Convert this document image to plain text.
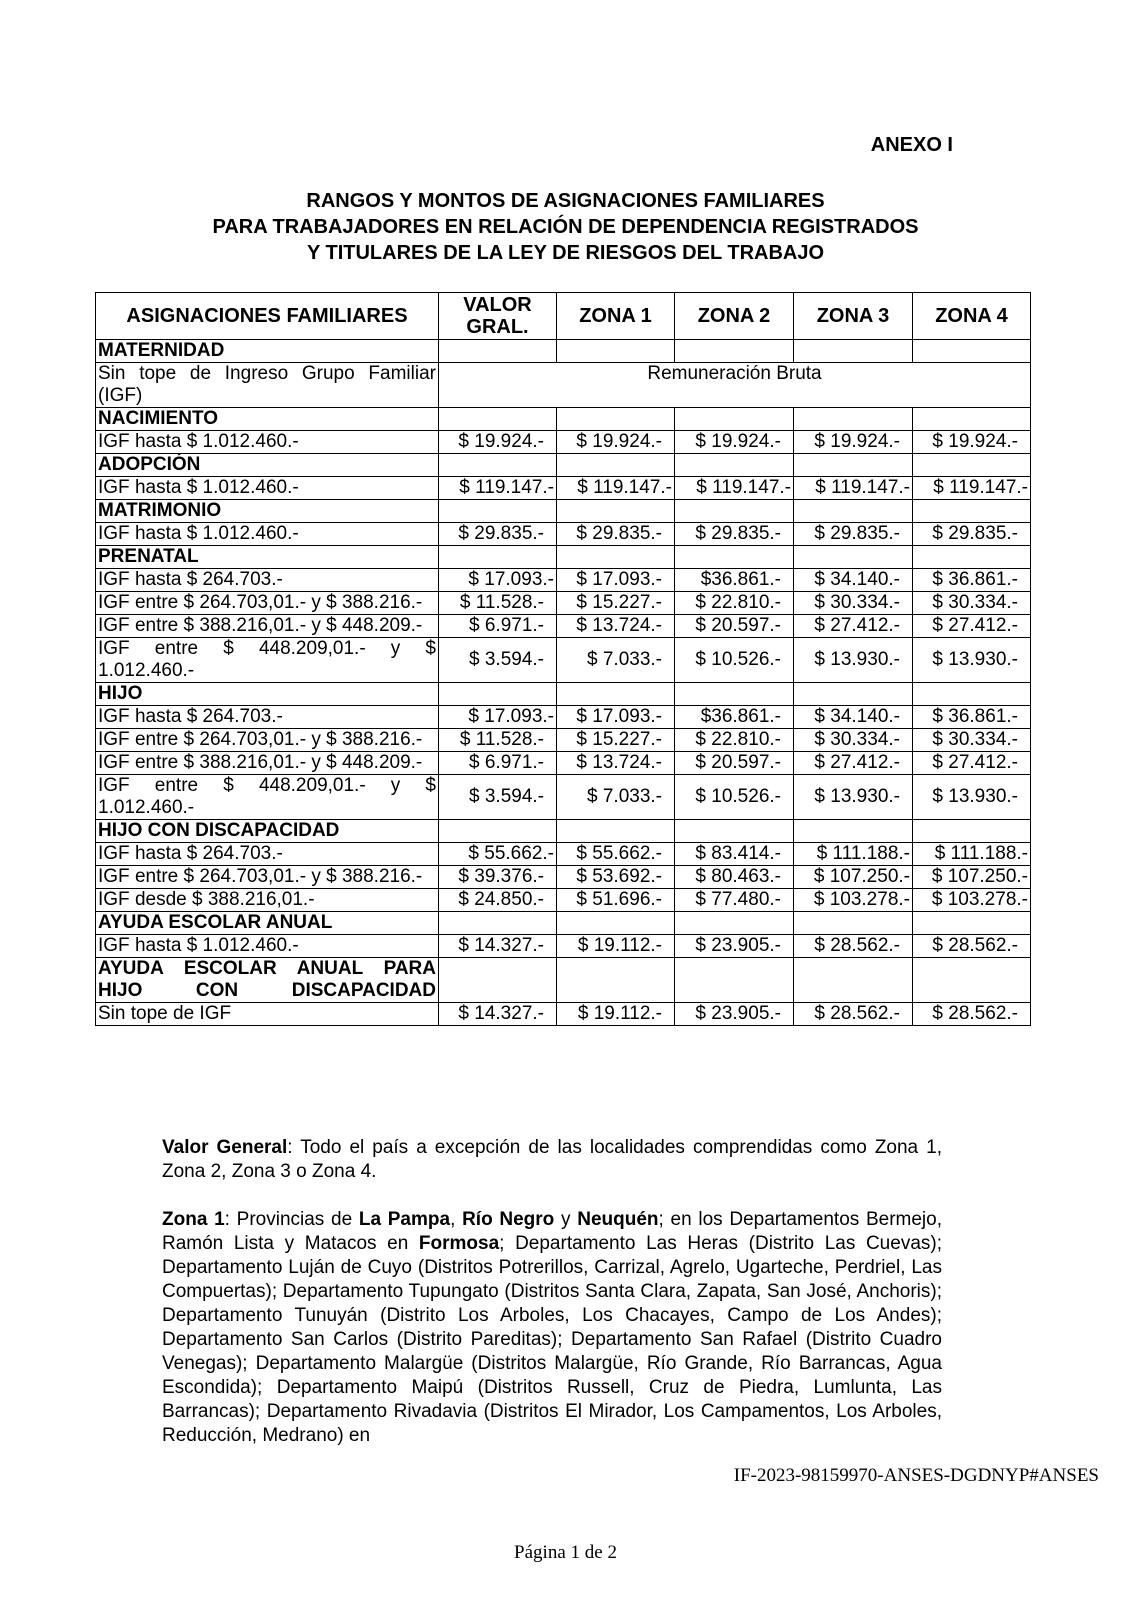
ANEXO I
RANGOS Y MONTOS DE ASIGNACIONES FAMILIARES
PARA TRABAJADORES EN RELACIÓN DE DEPENDENCIA REGISTRADOS
Y TITULARES DE LA LEY DE RIESGOS DEL TRABAJO
ASIGNACIONES FAMILIARES	VALOR GRAL.	ZONA 1	ZONA 2	ZONA 3	ZONA 4
MATERNIDAD					
Sin tope de Ingreso Grupo Familiar (IGF)	Remuneración Bruta				
NACIMIENTO					
IGF hasta $ 1.012.460.-	$ 19.924.-	$ 19.924.-	$ 19.924.-	$ 19.924.-	$ 19.924.-
ADOPCIÓN					
IGF hasta $ 1.012.460.-	$ 119.147.-	$ 119.147.-	$ 119.147.-	$ 119.147.-	$ 119.147.-
MATRIMONIO					
IGF hasta $ 1.012.460.-	$ 29.835.-	$ 29.835.-	$ 29.835.-	$ 29.835.-	$ 29.835.-
PRENATAL					
IGF hasta $ 264.703.-	$ 17.093.-	$ 17.093.-	$36.861.-	$ 34.140.-	$ 36.861.-
IGF entre $ 264.703,01.- y $ 388.216.-	$ 11.528.-	$ 15.227.-	$ 22.810.-	$ 30.334.-	$ 30.334.-
IGF entre $ 388.216,01.- y $ 448.209.-	$ 6.971.-	$ 13.724.-	$ 20.597.-	$ 27.412.-	$ 27.412.-
IGF entre $ 448.209,01.- y $ 1.012.460.-	$ 3.594.-	$ 7.033.-	$ 10.526.-	$ 13.930.-	$ 13.930.-
HIJO					
IGF hasta $ 264.703.-	$ 17.093.-	$ 17.093.-	$36.861.-	$ 34.140.-	$ 36.861.-
IGF entre $ 264.703,01.- y $ 388.216.-	$ 11.528.-	$ 15.227.-	$ 22.810.-	$ 30.334.-	$ 30.334.-
IGF entre $ 388.216,01.- y $ 448.209.-	$ 6.971.-	$ 13.724.-	$ 20.597.-	$ 27.412.-	$ 27.412.-
IGF entre $ 448.209,01.- y $ 1.012.460.-	$ 3.594.-	$ 7.033.-	$ 10.526.-	$ 13.930.-	$ 13.930.-
HIJO CON DISCAPACIDAD					
IGF hasta $ 264.703.-	$ 55.662.-	$ 55.662.-	$ 83.414.-	$ 111.188.-	$ 111.188.-
IGF entre $ 264.703,01.- y $ 388.216.-	$ 39.376.-	$ 53.692.-	$ 80.463.-	$ 107.250.-	$ 107.250.-
IGF desde $ 388.216,01.-	$ 24.850.-	$ 51.696.-	$ 77.480.-	$ 103.278.-	$ 103.278.-
AYUDA ESCOLAR ANUAL					
IGF hasta $ 1.012.460.-	$ 14.327.-	$ 19.112.-	$ 23.905.-	$ 28.562.-	$ 28.562.-
AYUDA ESCOLAR ANUAL PARA HIJO CON DISCAPACIDAD					
Sin tope de IGF	$ 14.327.-	$ 19.112.-	$ 23.905.-	$ 28.562.-	$ 28.562.-

Valor General: Todo el país a excepción de las localidades comprendidas como Zona 1, Zona 2, Zona 3 o Zona 4.

Zona 1: Provincias de La Pampa, Río Negro y Neuquén; en los Departamentos Bermejo, Ramón Lista y Matacos en Formosa; Departamento Las Heras (Distrito Las Cuevas); Departamento Luján de Cuyo (Distritos Potrerillos, Carrizal, Agrelo, Ugarteche, Perdriel, Las Compuertas); Departamento Tupungato (Distritos Santa Clara, Zapata, San José, Anchoris); Departamento Tunuyán (Distrito Los Arboles, Los Chacayes, Campo de Los Andes); Departamento San Carlos (Distrito Pareditas); Departamento San Rafael (Distrito Cuadro Venegas); Departamento Malargüe (Distritos Malargüe, Río Grande, Río Barrancas, Agua Escondida); Departamento Maipú (Distritos Russell, Cruz de Piedra, Lumlunta, Las Barrancas); Departamento Rivadavia (Distritos El Mirador, Los Campamentos, Los Arboles, Reducción, Medrano) en

IF-2023-98159970-ANSES-DGDNYP#ANSES
Página 1 de 2
